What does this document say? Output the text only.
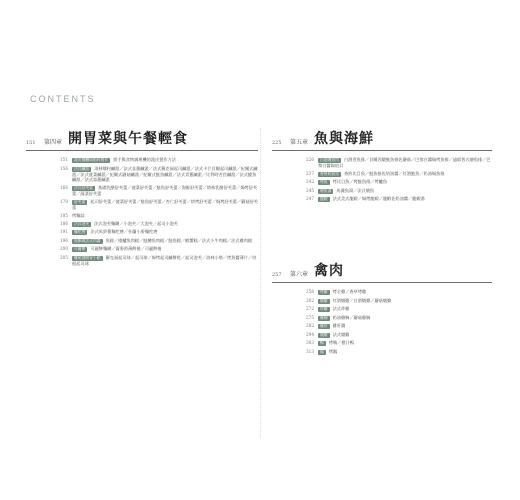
CONTENTS
151	第四章 開胃菜與午餐輕食
151	派皮麵糰與餡料製作 搭手與食物調理機的派皮製作方法
156	法式鹹派 洛林鄉村鹹派／法式韭蔥鹹派／法式羅克福起司鹹派／法式卡芒貝爾起司鹹派／紀爾式鹹派／法式菠菜鹹派／紀爾式蘑菇鹹派／紀爾式鮭魚鹹派／法式青蔥鹹派／比利時苦苣鹹派／法式鯷魚鹹派／法式蒜蔥鹹派
166	法式舒芙蕾 基礎乳酪舒芙蕾／菠菜舒芙蕾／鮭魚舒芙蕾／海鮮舒芙蕾／塔林乳酪舒芙蕾／焗烤舒芙蕾／蔬菜舒芙蕾
170	舒芙蕾 起司舒芙蕾／菠菜舒芙蕾／鮭魚舒芙蕾／杏仁舒芙蕾／烘烤舒芙蕾／焗烤舒芙蕾／蘑菇舒芙蕾
185 烤麵蒜
186	法式泡芙 法式泡芙麵糊／小泡芙／大泡芙／起司小泡芙
191	麵疙瘩 法式馬鈴薯麵疙瘩／杜蘭小麥麵疙瘩
196	魚類或法式肉醬 魚糕／梭鱸魚肉糕／鮭鱒魚肉糕／鮭魚糕／蝦蟹糕／法式小牛肉糕／法式雞肉糕
200	可麗餅 可麗餅麵糊／蕎麥煎薄餅捲／可麗餅捲
205	雞尾酒開胃小點 羅克福起司球／起司球／焗烤起司鹹餅乾／起司泡芙／洛林小塔／烤魚醬薄片／培根起司球
225	第五章 魚與海鮮
226	白酒燴魚肉 白酒煮魚排／貝爾西燉鮭魚排佐蘑菇／巴黎白醬焗烤魚排／迪耶普式燴魚排／巴黎白醬焗扇貝
237	香煎奶油魚 香煎比目魚／鮭魚排佐奶油醬／紅酒鮭魚／奶油焗魚排
242	烤魚 烤比目魚／烤鮭魚排／烤鱸魚
245	燴魚湯 馬賽魚湯／法式燴魚
247	龍蝦 法式美式龍蝦／焗烤龍蝦／龍蝦佐奶油醬／龍蝦湯
257	第六章 禽肉
258	烤雞 烤全雞／香草烤雞
262	燉雞 紅酒燉雞／白酒燉雞／蘑菇燉雞
272	炸雞 法式炸雞
275	雞胸 奶油雞胸／蘑菇雞胸
282	雞肝 雞肝醬
294	燉雞 法式燉雞
303	鴨 烤鴨／橙汁鴨
313	鵝 烤鵝
